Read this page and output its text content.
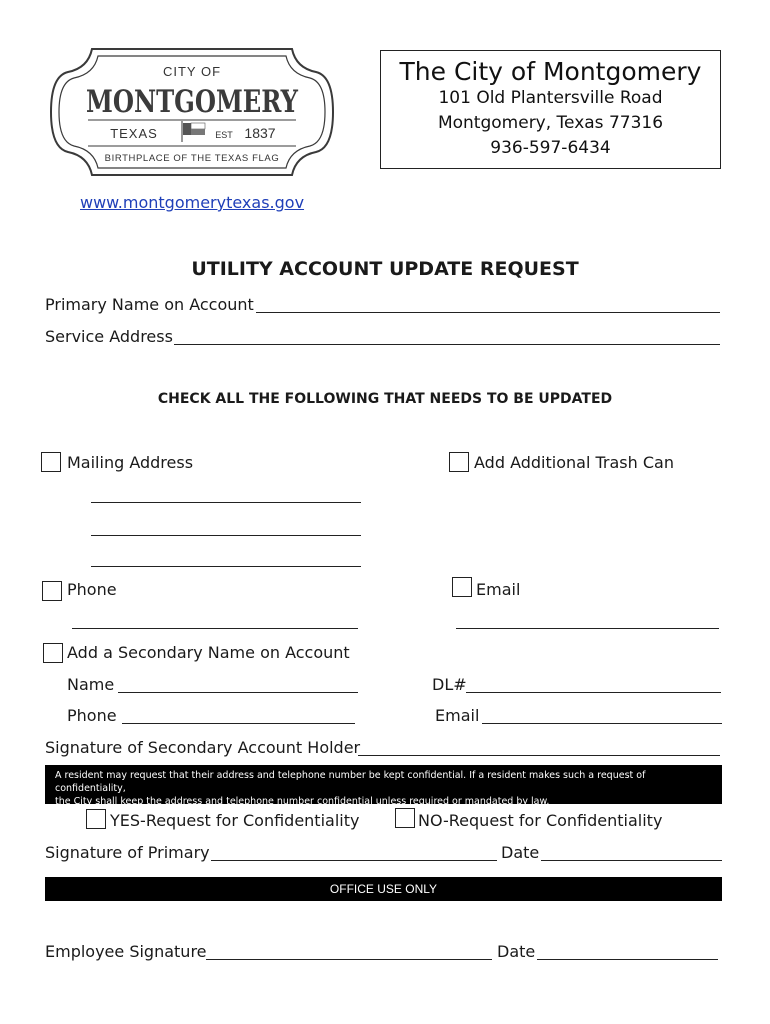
CITY OF
MONTGOMERY
TEXAS	EST 1837
BIRTHPLACE OF THE TEXAS FLAG
The City of Montgomery
101 Old Plantersville Road
Montgomery, Texas 77316
936-597-6434
www.montgomerytexas.gov
UTILITY ACCOUNT UPDATE REQUEST
Primary Name on Account
Service Address
CHECK ALL THE FOLLOWING THAT NEEDS TO BE UPDATED
Mailing Address	Add Additional Trash Can
Phone	Email
Add a Secondary Name on Account
Name	DL#
Phone	Email
Signature of Secondary Account Holder
A resident may request that their address and telephone number be kept confidential. If a resident makes such a request of confidentiality,
the City shall keep the address and telephone number confidential unless required or mandated by law.
YES-Request for Confidentiality	NO-Request for Confidentiality
Signature of Primary	Date
OFFICE USE ONLY
Employee Signature	Date
